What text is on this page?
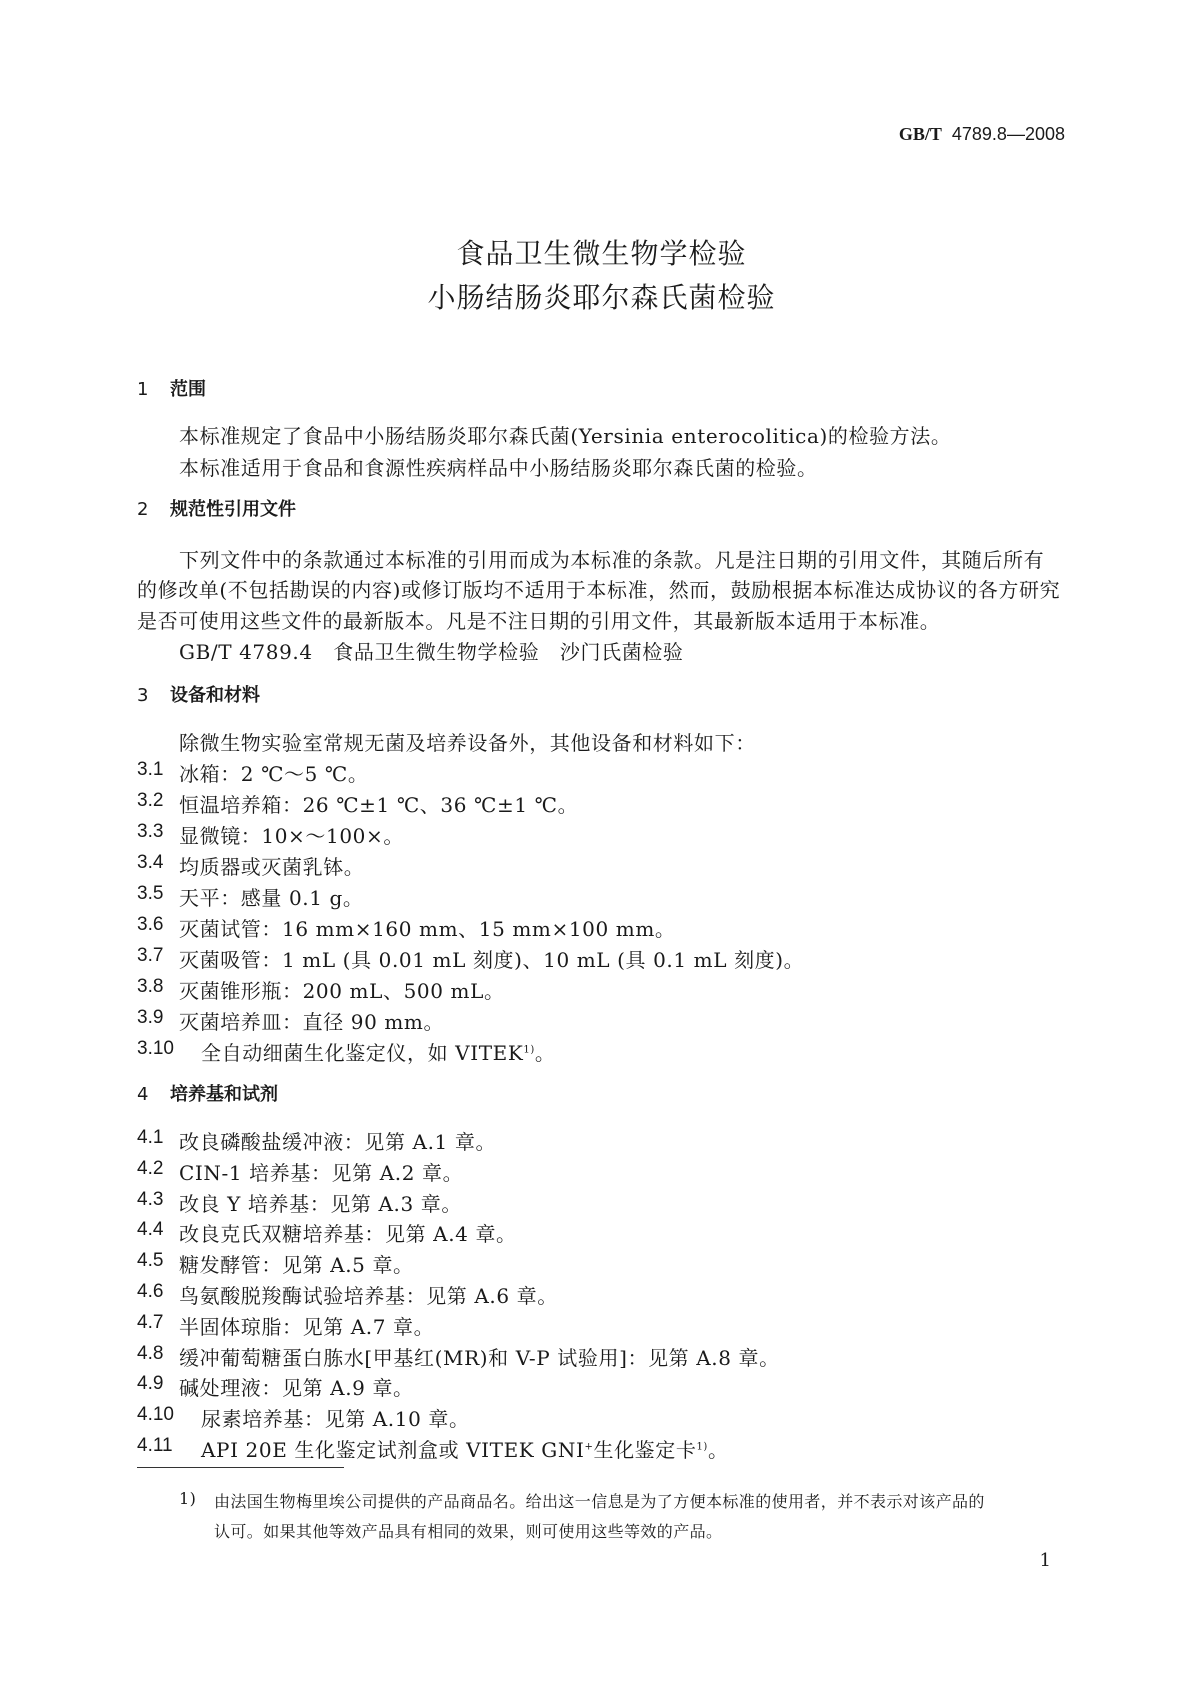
GB/T 4789.8—2008
食品卫生微生物学检验
小肠结肠炎耶尔森氏菌检验
1 范围
本标准规定了食品中小肠结肠炎耶尔森氏菌(Yersinia enterocolitica)的检验方法。
本标准适用于食品和食源性疾病样品中小肠结肠炎耶尔森氏菌的检验。
2 规范性引用文件
下列文件中的条款通过本标准的引用而成为本标准的条款。凡是注日期的引用文件，其随后所有
的修改单(不包括勘误的内容)或修订版均不适用于本标准，然而，鼓励根据本标准达成协议的各方研究
是否可使用这些文件的最新版本。凡是不注日期的引用文件，其最新版本适用于本标准。
GB/T 4789.4　食品卫生微生物学检验　沙门氏菌检验
3 设备和材料
除微生物实验室常规无菌及培养设备外，其他设备和材料如下：
3.1 冰箱：2 ℃～5 ℃。
3.2 恒温培养箱：26 ℃±1 ℃、36 ℃±1 ℃。
3.3 显微镜：10×～100×。
3.4 均质器或灭菌乳钵。
3.5 天平：感量 0.1 g。
3.6 灭菌试管：16 mm×160 mm、15 mm×100 mm。
3.7 灭菌吸管：1 mL (具 0.01 mL 刻度)、10 mL (具 0.1 mL 刻度)。
3.8 灭菌锥形瓶：200 mL、500 mL。
3.9 灭菌培养皿：直径 90 mm。
3.10 全自动细菌生化鉴定仪，如 VITEK$^{1)}$。
4 培养基和试剂
4.1 改良磷酸盐缓冲液：见第 A.1 章。
4.2 CIN-1 培养基：见第 A.2 章。
4.3 改良 Y 培养基：见第 A.3 章。
4.4 改良克氏双糖培养基：见第 A.4 章。
4.5 糖发酵管：见第 A.5 章。
4.6 鸟氨酸脱羧酶试验培养基：见第 A.6 章。
4.7 半固体琼脂：见第 A.7 章。
4.8 缓冲葡萄糖蛋白胨水[甲基红(MR)和 V-P 试验用]：见第 A.8 章。
4.9 碱处理液：见第 A.9 章。
4.10 尿素培养基：见第 A.10 章。
4.11 API 20E 生化鉴定试剂盒或 VITEK GNI+生化鉴定卡$^{1)}$。
1) 由法国生物梅里埃公司提供的产品商品名。给出这一信息是为了方便本标准的使用者，并不表示对该产品的
认可。如果其他等效产品具有相同的效果，则可使用这些等效的产品。
1
